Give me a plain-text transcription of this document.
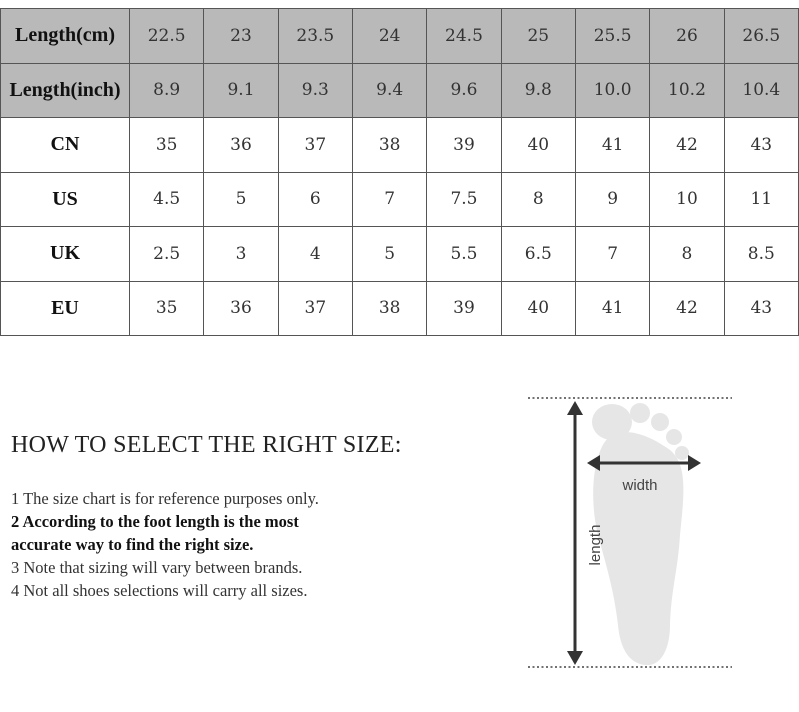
Length(cm)	22.5	23	23.5	24	24.5	25	25.5	26	26.5
Length(inch)	8.9	9.1	9.3	9.4	9.6	9.8	10.0	10.2	10.4
CN	35	36	37	38	39	40	41	42	43
US	4.5	5	6	7	7.5	8	9	10	11
UK	2.5	3	4	5	5.5	6.5	7	8	8.5
EU	35	36	37	38	39	40	41	42	43
HOW TO SELECT THE RIGHT SIZE:

1 The size chart is for reference purposes only.

2 According to the foot length is the most

accurate way to find the right size.

3 Note that sizing will vary between brands.

4 Not all shoes selections will carry all sizes.

width
length
